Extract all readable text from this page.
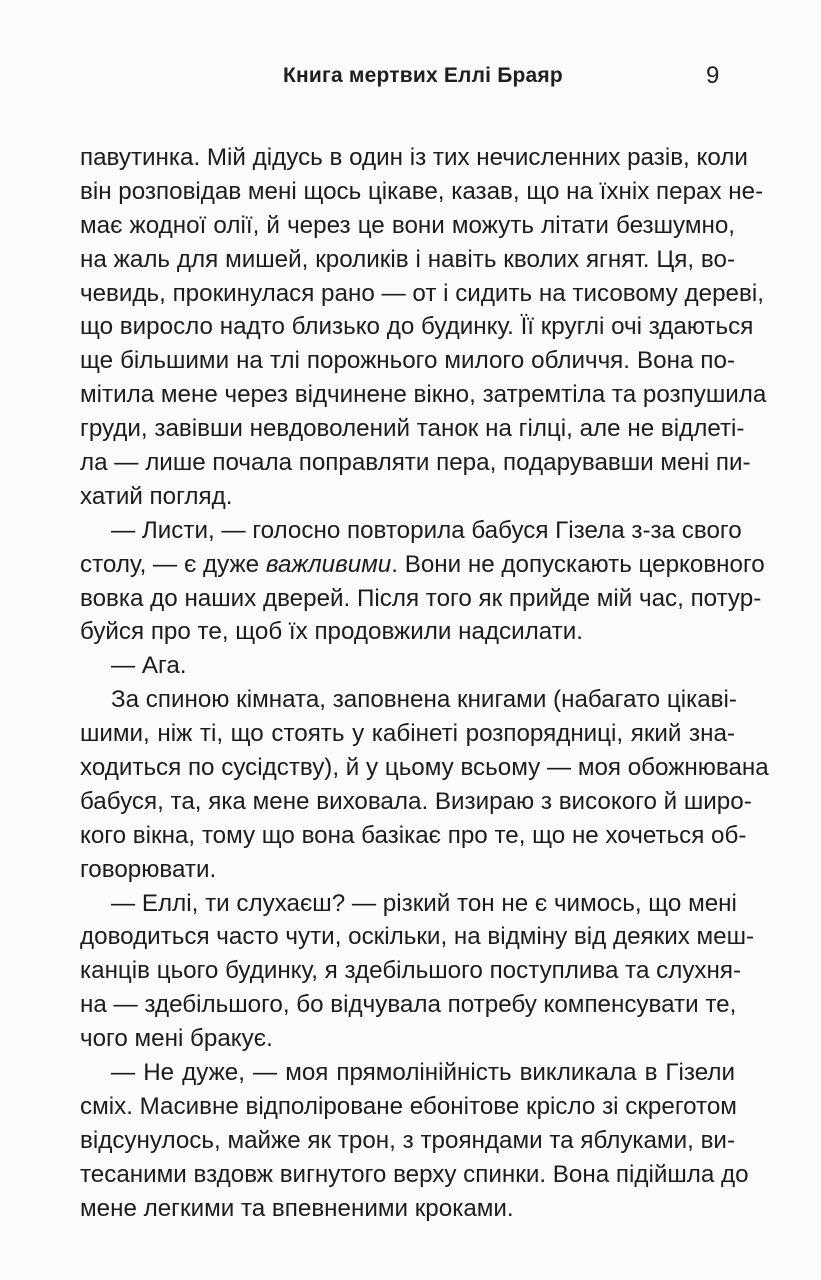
Книга мертвих Еллі Браяр	9
павутинка. Мій дідусь в один із тих нечисленних разів, коли
він розповідав мені щось цікаве, казав, що на їхніх перах не-
має жодної олії, й через це вони можуть літати безшумно,
на жаль для мишей, кроликів і навіть кволих ягнят. Ця, во-
чевидь, прокинулася рано — от і сидить на тисовому дереві,
що виросло надто близько до будинку. Її круглі очі здаються
ще більшими на тлі порожнього милого обличчя. Вона по-
мітила мене через відчинене вікно, затремтіла та розпушила
груди, завівши невдоволений танок на гілці, але не відлеті-
ла — лише почала поправляти пера, подарувавши мені пи-
хатий погляд.
— Листи, — голосно повторила бабуся Гізела з-за свого
столу, — є дуже важливими. Вони не допускають церковного
вовка до наших дверей. Після того як прийде мій час, потур-
буйся про те, щоб їх продовжили надсилати.
— Ага.
За спиною кімната, заповнена книгами (набагато цікаві-
шими, ніж ті, що стоять у кабінеті розпорядниці, який зна-
ходиться по сусідству), й у цьому всьому — моя обожнювана
бабуся, та, яка мене виховала. Визираю з високого й широ-
кого вікна, тому що вона базікає про те, що не хочеться об-
говорювати.
— Еллі, ти слухаєш? — різкий тон не є чимось, що мені
доводиться часто чути, оскільки, на відміну від деяких меш-
канців цього будинку, я здебільшого поступлива та слухня-
на — здебільшого, бо відчувала потребу компенсувати те,
чого мені бракує.
— Не дуже, — моя прямолінійність викликала в Гізели
сміх. Масивне відполіроване ебонітове крісло зі скреготом
відсунулось, майже як трон, з трояндами та яблуками, ви-
тесаними вздовж вигнутого верху спинки. Вона підійшла до
мене легкими та впевненими кроками.
